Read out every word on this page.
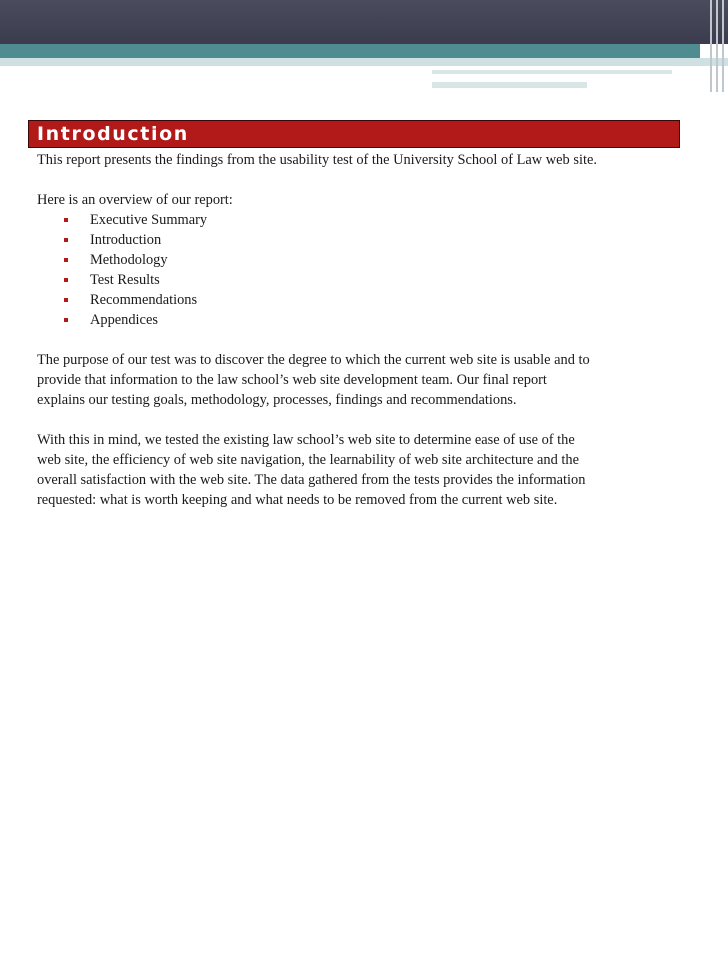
Introduction

This report presents the findings from the usability test of the University School of Law web site.

Here is an overview of our report:

Executive Summary
Introduction
Methodology
Test Results
Recommendations
Appendices

The purpose of our test was to discover the degree to which the current web site is usable and to
provide that information to the law school’s web site development team. Our final report
explains our testing goals, methodology, processes, findings and recommendations.

With this in mind, we tested the existing law school’s web site to determine ease of use of the
web site, the efficiency of web site navigation, the learnability of web site architecture and the
overall satisfaction with the web site. The data gathered from the tests provides the information
requested: what is worth keeping and what needs to be removed from the current web site.
